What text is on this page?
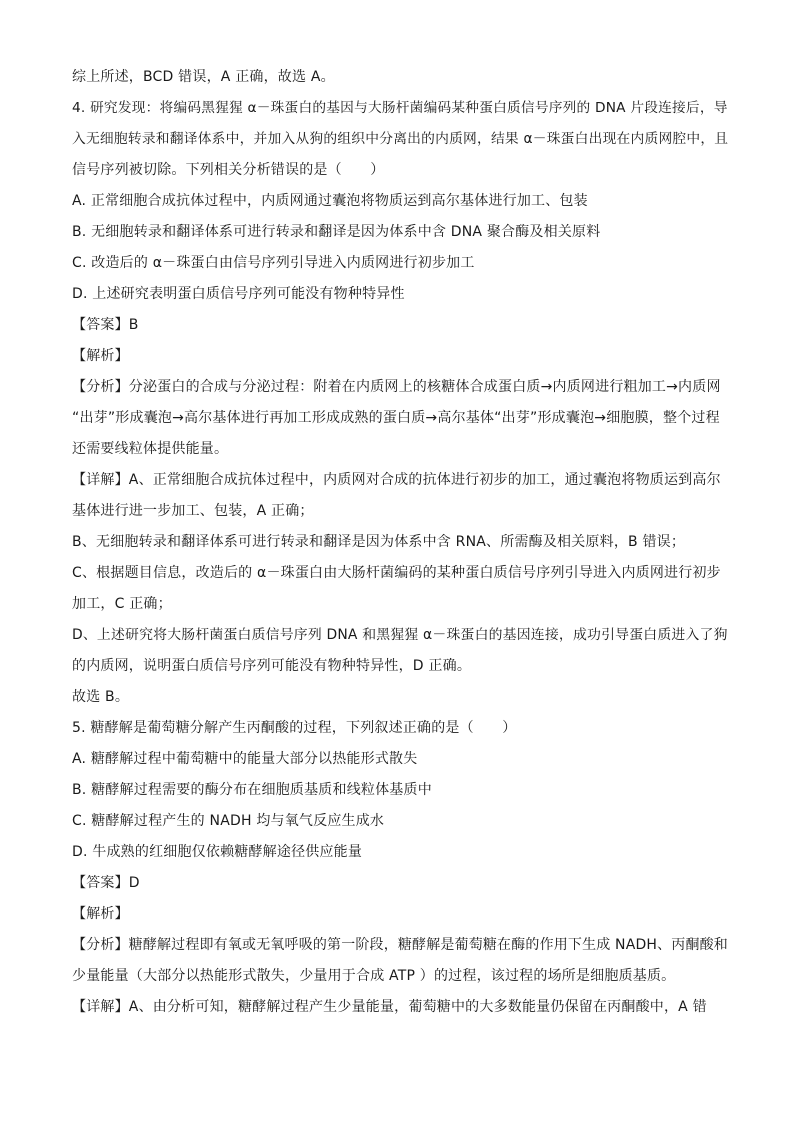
综上所述，BCD 错误，A 正确，故选 A。
4. 研究发现：将编码黑猩猩 α－珠蛋白的基因与大肠杆菌编码某种蛋白质信号序列的 DNA 片段连接后，导
入无细胞转录和翻译体系中，并加入从狗的组织中分离出的内质网，结果 α－珠蛋白出现在内质网腔中，且
信号序列被切除。下列相关分析错误的是（　　）
A. 正常细胞合成抗体过程中，内质网通过囊泡将物质运到高尔基体进行加工、包装
B. 无细胞转录和翻译体系可进行转录和翻译是因为体系中含 DNA 聚合酶及相关原料
C. 改造后的 α－珠蛋白由信号序列引导进入内质网进行初步加工
D. 上述研究表明蛋白质信号序列可能没有物种特异性
【答案】B
【解析】
【分析】分泌蛋白的合成与分泌过程：附着在内质网上的核糖体合成蛋白质→内质网进行粗加工→内质网
“出芽”形成囊泡→高尔基体进行再加工形成成熟的蛋白质→高尔基体“出芽”形成囊泡→细胞膜，整个过程
还需要线粒体提供能量。
【详解】A、正常细胞合成抗体过程中，内质网对合成的抗体进行初步的加工，通过囊泡将物质运到高尔
基体进行进一步加工、包装，A 正确；
B、无细胞转录和翻译体系可进行转录和翻译是因为体系中含 RNA、所需酶及相关原料，B 错误；
C、根据题目信息，改造后的 α－珠蛋白由大肠杆菌编码的某种蛋白质信号序列引导进入内质网进行初步
加工，C 正确；
D、上述研究将大肠杆菌蛋白质信号序列 DNA 和黑猩猩 α－珠蛋白的基因连接，成功引导蛋白质进入了狗
的内质网，说明蛋白质信号序列可能没有物种特异性，D 正确。
故选 B。
5. 糖酵解是葡萄糖分解产生丙酮酸的过程，下列叙述正确的是（　　）
A. 糖酵解过程中葡萄糖中的能量大部分以热能形式散失
B. 糖酵解过程需要的酶分布在细胞质基质和线粒体基质中
C. 糖酵解过程产生的 NADH 均与氧气反应生成水
D. 牛成熟的红细胞仅依赖糖酵解途径供应能量
【答案】D
【解析】
【分析】糖酵解过程即有氧或无氧呼吸的第一阶段，糖酵解是葡萄糖在酶的作用下生成 NADH、丙酮酸和
少量能量（大部分以热能形式散失，少量用于合成 ATP ）的过程，该过程的场所是细胞质基质。
【详解】A、由分析可知，糖酵解过程产生少量能量，葡萄糖中的大多数能量仍保留在丙酮酸中，A 错
